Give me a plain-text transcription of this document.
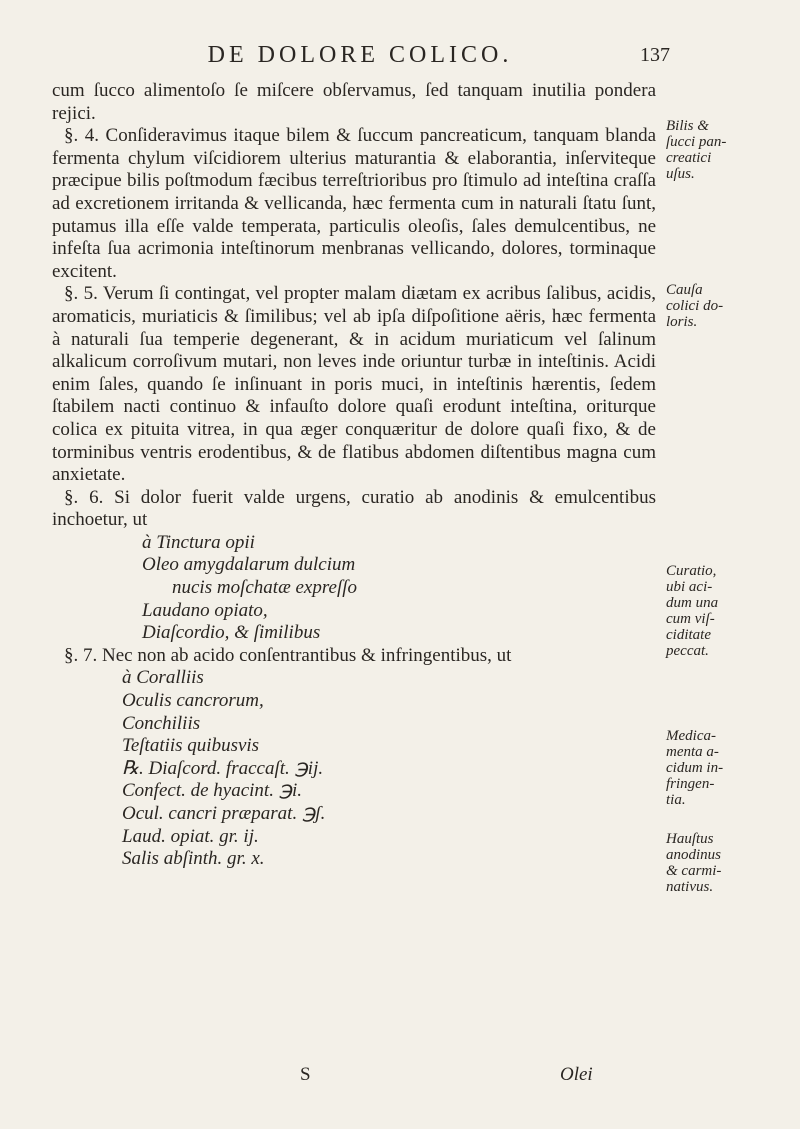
DE DOLORE COLICO.	137

cum ſucco alimentoſo ſe miſcere obſervamus, ſed tanquam inutilia pondera rejici.

§. 4. Conſideravimus itaque bilem & ſuccum pancreaticum, tanquam blanda fermenta chylum viſcidiorem ulterius maturantia & elaborantia, inſerviteque præcipue bilis poſtmodum fæcibus terreſtrioribus pro ſtimulo ad inteſtina craſſa ad excretionem irritanda & vellicanda, hæc fermenta cum in naturali ſtatu ſunt, putamus illa eſſe valde temperata, particulis oleoſis, ſales demulcentibus, ne infeſta ſua acrimonia inteſtinorum menbranas vellicando, dolores, torminaque excitent.

§. 5. Verum ſi contingat, vel propter malam diætam ex acribus ſalibus, acidis, aromaticis, muriaticis & ſimilibus; vel ab ipſa diſpoſitione aëris, hæc fermenta à naturali ſua temperie degenerant, & in acidum muriaticum vel ſalinum alkalicum corroſivum mutari, non leves inde oriuntur turbæ in inteſtinis. Acidi enim ſales, quando ſe inſinuant in poris muci, in inteſtinis hærentis, ſedem ſtabilem nacti continuo & infauſto dolore quaſi erodunt inteſtina, oriturque colica ex pituita vitrea, in qua æger conquæritur de dolore quaſi fixo, & de torminibus ventris erodentibus, & de flatibus abdomen diſtentibus magna cum anxietate.

§. 6. Si dolor fuerit valde urgens, curatio ab anodinis & emulcentibus inchoetur, ut

à Tinctura opii
Oleo amygdalarum dulcium
nucis moſchatæ expreſſo
Laudano opiato,
Diaſcordio, & ſimilibus

§. 7. Nec non ab acido conſentrantibus & infringentibus, ut

à Coralliis
Oculis cancrorum,
Conchiliis
Teſtatiis quibusvis
℞. Diaſcord. fraccaſt. ℈ij.
Confect. de hyacint. ℈i.
Ocul. cancri præparat. ℈ʃ.
Laud. opiat. gr. ij.
Salis abſinth. gr. x.
Bilis &
ſucci pan-
creatici
uſus.
Cauſa
colici do-
loris.
Curatio,
ubi aci-
dum una
cum viſ-
ciditate
peccat.
Medica-
menta a-
cidum in-
fringen-
tia.
Hauſtus
anodinus
& carmi-
nativus.
S	Olei
